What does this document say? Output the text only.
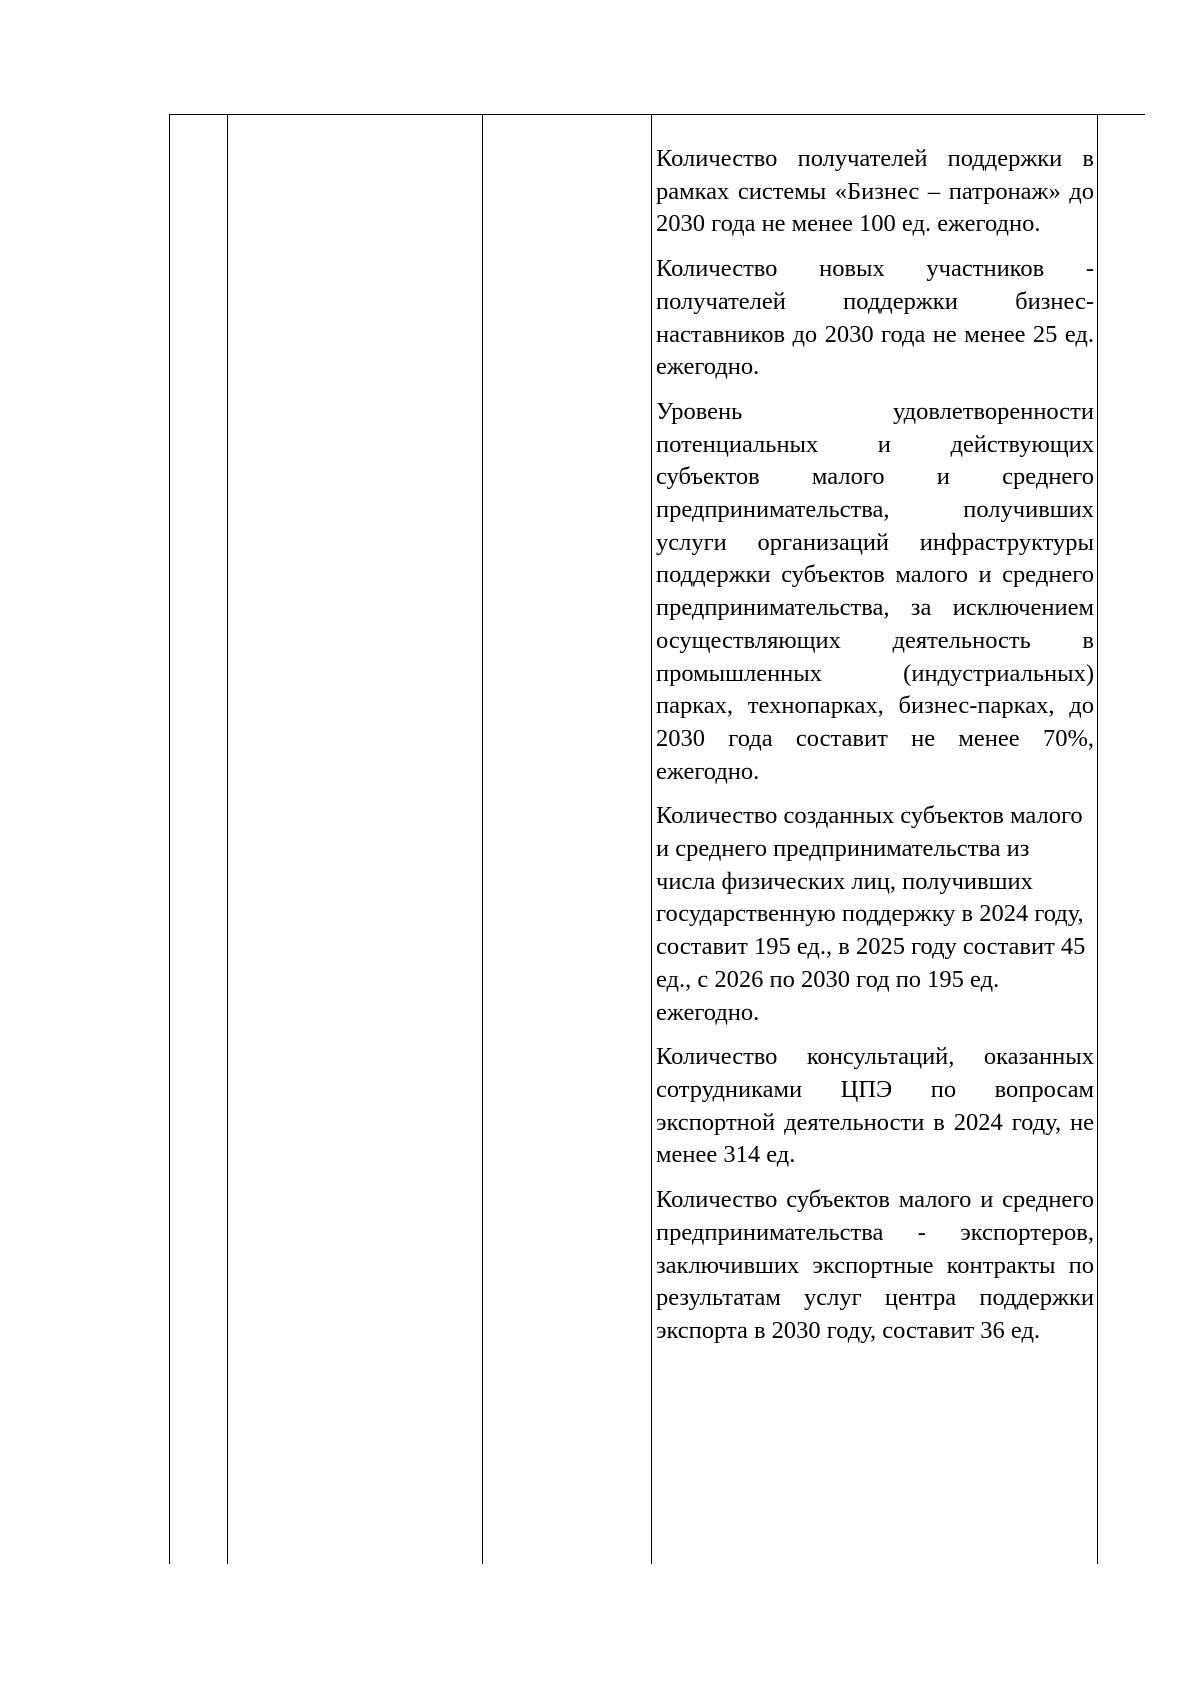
Количество получателей поддержки в рамках системы «Бизнес – патронаж» до 2030 года не менее 100 ед. ежегодно.

Количество новых участников - получателей поддержки бизнес-наставников до 2030 года не менее 25 ед. ежегодно.

Уровень удовлетворенности потенциальных и действующих субъектов малого и среднего предпринимательства, получивших услуги организаций инфраструктуры поддержки субъектов малого и среднего предпринимательства, за исключением осуществляющих деятельность в промышленных (индустриальных) парках, технопарках, бизнес-парках, до 2030 года составит не менее 70%, ежегодно.

Количество созданных субъектов малого и среднего предпринимательства из числа физических лиц, получивших государственную поддержку в 2024 году, составит 195 ед., в 2025 году составит 45 ед., с 2026 по 2030 год по 195 ед. ежегодно.

Количество консультаций, оказанных сотрудниками ЦПЭ по вопросам экспортной деятельности в 2024 году, не менее 314 ед.

Количество субъектов малого и среднего предпринимательства - экспортеров, заключивших экспортные контракты по результатам услуг центра поддержки экспорта в 2030 году, составит 36 ед.
